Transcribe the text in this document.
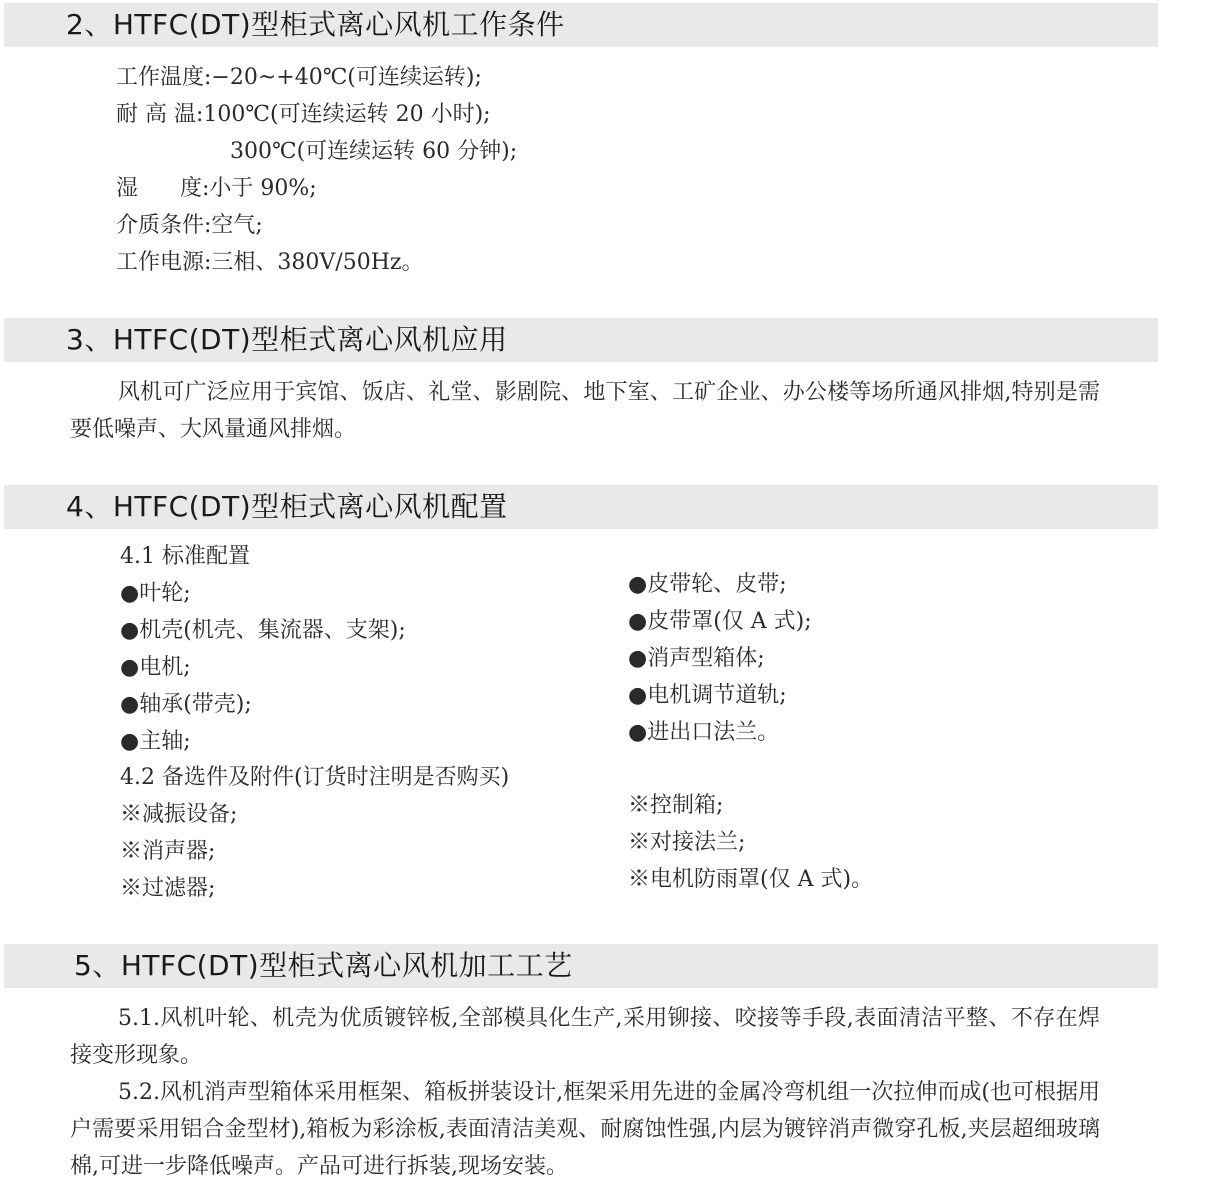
2、HTFC(DT)型柜式离心风机工作条件
工作温度:−20~+40℃(可连续运转);
耐 高 温:100℃(可连续运转 20 小时);
300℃(可连续运转 60 分钟);
湿      度:小于 90%;
介质条件:空气;
工作电源:三相、380V/50Hz。
3、HTFC(DT)型柜式离心风机应用
风机可广泛应用于宾馆、饭店、礼堂、影剧院、地下室、工矿企业、办公楼等场所通风排烟,特别是需要低噪声、大风量通风排烟。
4、HTFC(DT)型柜式离心风机配置
4.1 标准配置
●叶轮;
●机壳(机壳、集流器、支架);
●电机;
●轴承(带壳);
●主轴;
●皮带轮、皮带;
●皮带罩(仅 A 式);
●消声型箱体;
●电机调节道轨;
●进出口法兰。
4.2 备选件及附件(订货时注明是否购买)
※减振设备;
※消声器;
※过滤器;
※控制箱;
※对接法兰;
※电机防雨罩(仅 A 式)。
5、HTFC(DT)型柜式离心风机加工工艺
5.1.风机叶轮、机壳为优质镀锌板,全部模具化生产,采用铆接、咬接等手段,表面清洁平整、不存在焊接变形现象。
5.2.风机消声型箱体采用框架、箱板拼装设计,框架采用先进的金属冷弯机组一次拉伸而成(也可根据用户需要采用铝合金型材),箱板为彩涂板,表面清洁美观、耐腐蚀性强,内层为镀锌消声微穿孔板,夹层超细玻璃棉,可进一步降低噪声。产品可进行拆装,现场安装。
